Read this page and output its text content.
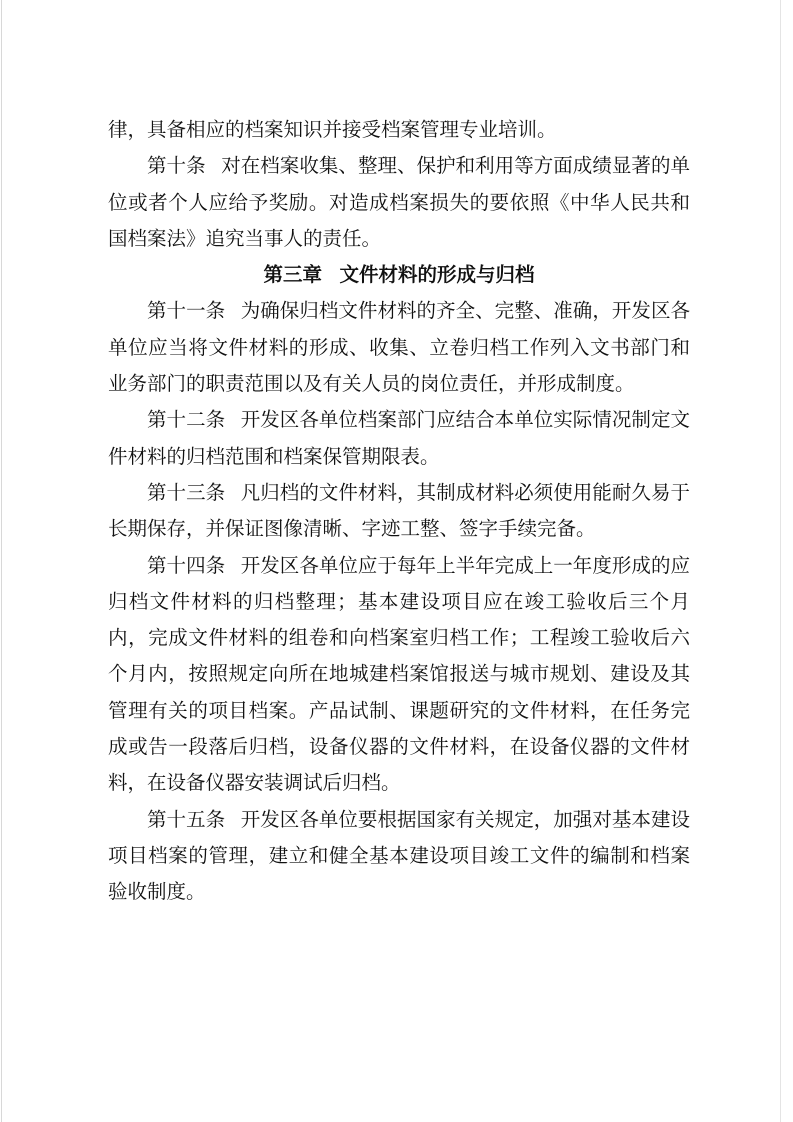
律，具备相应的档案知识并接受档案管理专业培训。

第十条 对在档案收集、整理、保护和利用等方面成绩显著的单位或者个人应给予奖励。对造成档案损失的要依照《中华人民共和国档案法》追究当事人的责任。

第三章 文件材料的形成与归档

第十一条 为确保归档文件材料的齐全、完整、准确，开发区各单位应当将文件材料的形成、收集、立卷归档工作列入文书部门和业务部门的职责范围以及有关人员的岗位责任，并形成制度。

第十二条 开发区各单位档案部门应结合本单位实际情况制定文件材料的归档范围和档案保管期限表。

第十三条 凡归档的文件材料，其制成材料必须使用能耐久易于长期保存，并保证图像清晰、字迹工整、签字手续完备。

第十四条 开发区各单位应于每年上半年完成上一年度形成的应归档文件材料的归档整理；基本建设项目应在竣工验收后三个月内，完成文件材料的组卷和向档案室归档工作；工程竣工验收后六个月内，按照规定向所在地城建档案馆报送与城市规划、建设及其管理有关的项目档案。产品试制、课题研究的文件材料，在任务完成或告一段落后归档，设备仪器的文件材料，在设备仪器的文件材料，在设备仪器安装调试后归档。

第十五条 开发区各单位要根据国家有关规定，加强对基本建设项目档案的管理，建立和健全基本建设项目竣工文件的编制和档案验收制度。
